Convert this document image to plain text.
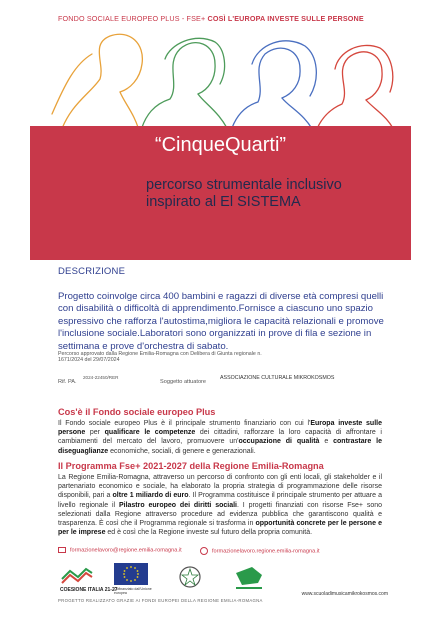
FONDO SOCIALE EUROPEO PLUS - FSE+ COSÌ L'EUROPA INVESTE SULLE PERSONE
“CinqueQuarti”
percorso strumentale inclusivo
inspirato al El SISTEMA
DESCRIZIONE
Progetto coinvolge circa 400 bambini e ragazzi di diverse età compresi quelli con disabilità o difficoltà di apprendimento.Fornisce a ciascuno uno spazio espressivo che rafforza l'autostima,migliora le capacità relazionali e promove l'inclusione sociale.Laboratori sono organizzati in prove di fila e sezione in settimana e prove d'orchestra di sabato.
Percorso approvato dalla Regione Emilia-Romagna con Delibera di Giunta regionale n.
1671/2024 del 29/07/2024
Rif. PA.
2024-22450/RER
Soggetto attuatore
ASSOCIAZIONE CULTURALE MIKROKOSMOS
Cos'è il Fondo sociale europeo Plus

Il Fondo sociale europeo Plus è il principale strumento finanziario con cui l'Europa investe sulle persone per qualificare le competenze dei cittadini, rafforzare la loro capacità di affrontare i cambiamenti del mercato del lavoro, promuovere un'occupazione di qualità e contrastare le diseguaglianze economiche, sociali, di genere e generazionali.

Il Programma Fse+ 2021-2027 della Regione Emilia-Romagna

La Regione Emilia-Romagna, attraverso un percorso di confronto con gli enti locali, gli stakeholder e il partenariato economico e sociale, ha elaborato la propria strategia di programmazione delle risorse disponibili, pari a oltre 1 miliardo di euro. Il Programma costituisce il principale strumento per attuare a livello regionale il Pilastro europeo dei diritti sociali. I progetti finanziati con risorse Fse+ sono selezionati dalla Regione attraverso procedure ad evidenza pubblica che garantiscono qualità e trasparenza. È così che il Programma regionale si trasforma in opportunità concrete per le persone e per le imprese ed è così che la Regione investe sul futuro della propria comunità.

formazionelavoro@regione.emilia-romagna.it	formazionelavoro.regione.emilia-romagna.it
COESIONE ITALIA 21-27
Cofinanziato dall'Unione europea	www.scuoladimusicamikrokosmos.com
PROGETTO REALIZZATO GRAZIE AI FONDI EUROPEI DELLA REGIONE EMILIA-ROMAGNA
